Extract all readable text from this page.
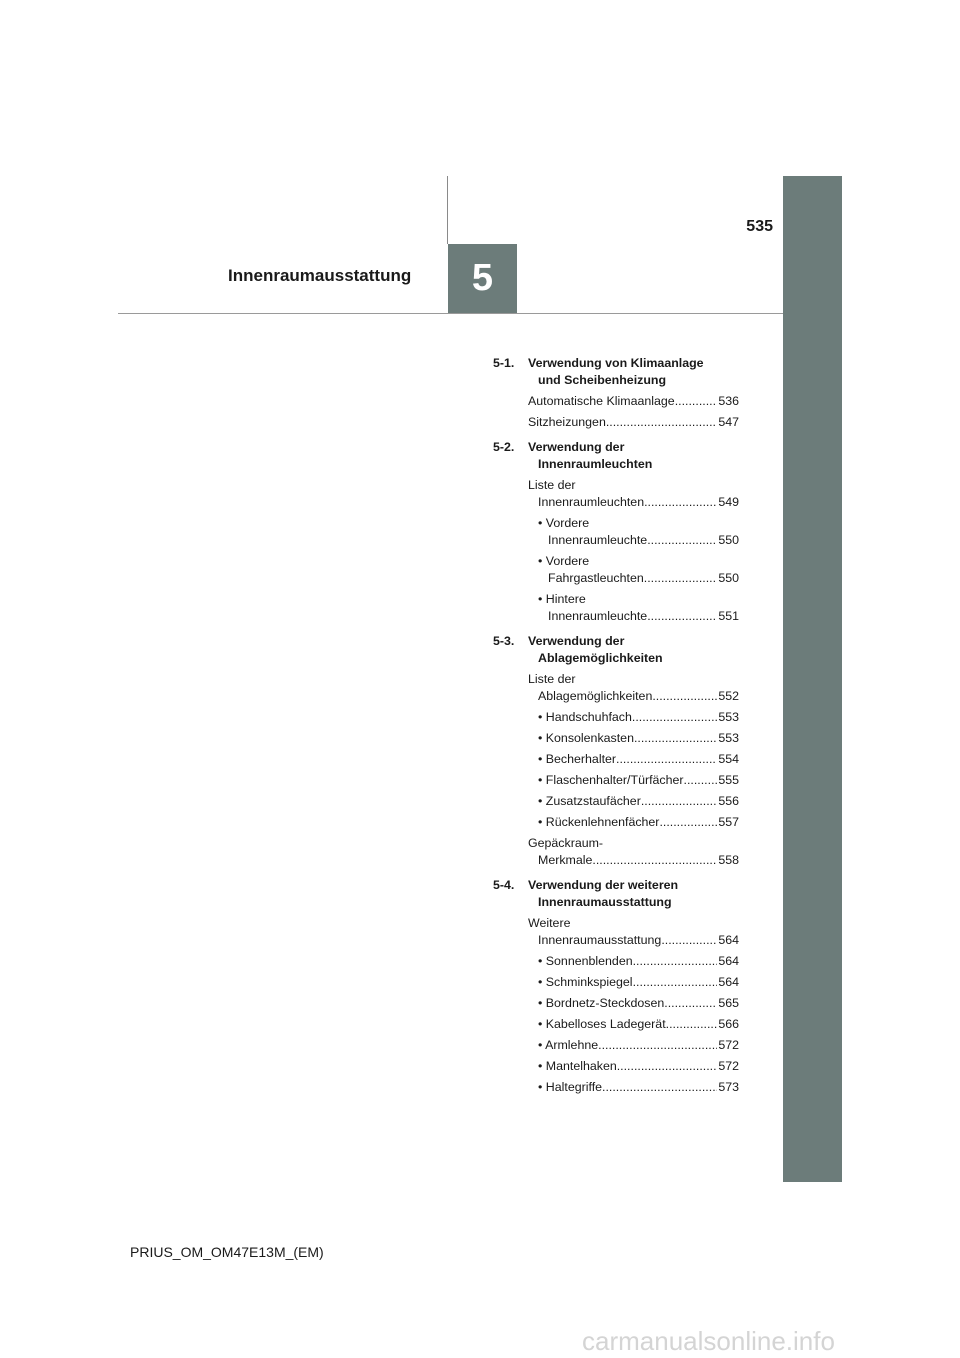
535
Innenraumausstattung 5
5-1.	Verwendung von Klimaanlage
und Scheibenheizung
Automatische Klimaanlage .....	536
Sitzheizungen .....	547
5-2.	Verwendung der
Innenraumleuchten
Liste der
Innenraumleuchten .....	549
• Vordere
Innenraumleuchte .....	550
• Vordere
Fahrgastleuchten .....	550
• Hintere
Innenraumleuchte .....	551
5-3.	Verwendung der
Ablagemöglichkeiten
Liste der
Ablagemöglichkeiten .....	552
• Handschuhfach .....	553
• Konsolenkasten .....	553
• Becherhalter .....	554
• Flaschenhalter/Türfächer .....	555
• Zusatzstaufächer .....	556
• Rückenlehnenfächer .....	557
Gepäckraum-
Merkmale .....	558
5-4.	Verwendung der weiteren
Innenraumausstattung
Weitere
Innenraumausstattung .....	564
• Sonnenblenden .....	564
• Schminkspiegel .....	564
• Bordnetz-Steckdosen .....	565
• Kabelloses Ladegerät .....	566
• Armlehne .....	572
• Mantelhaken .....	572
• Haltegriffe .....	573
PRIUS_OM_OM47E13M_(EM)
carmanualsonline.info
